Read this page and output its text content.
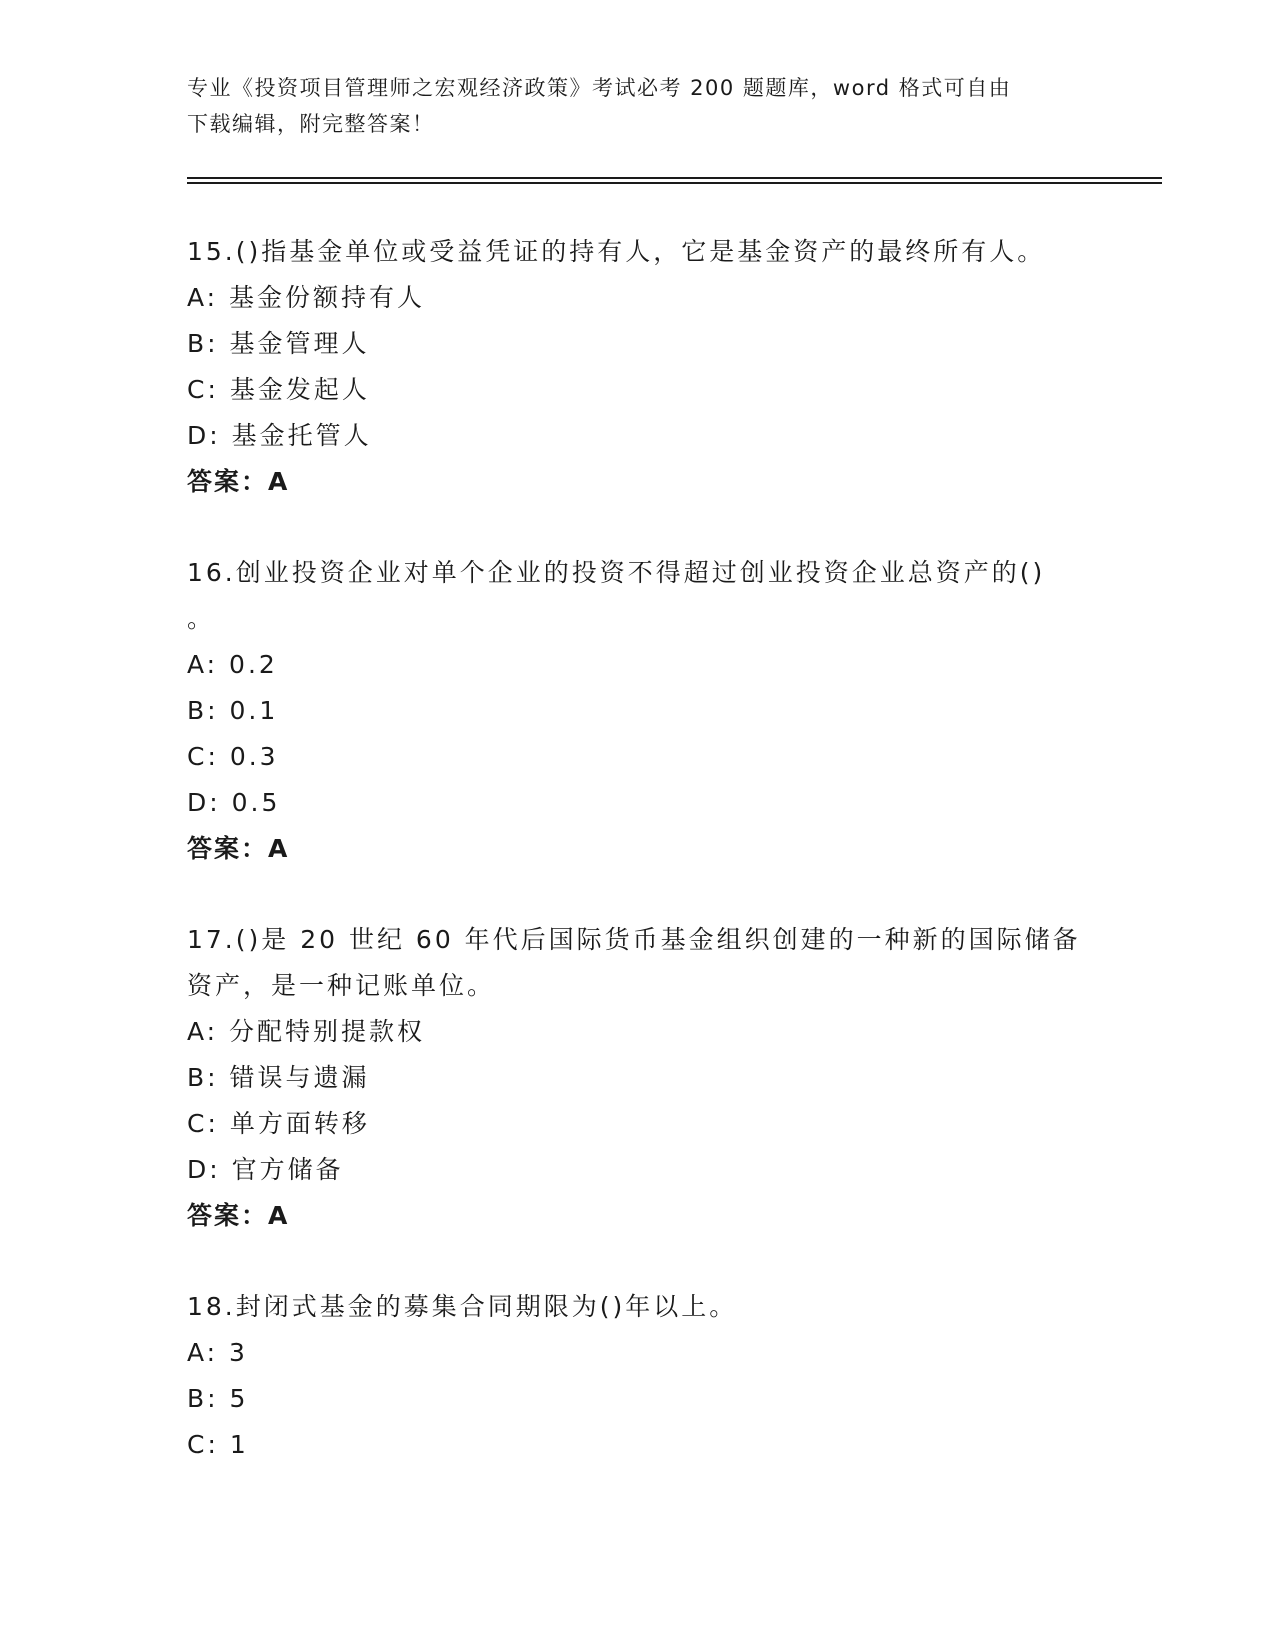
专业《投资项目管理师之宏观经济政策》考试必考 200 题题库，word 格式可自由
下载编辑，附完整答案！
15.()指基金单位或受益凭证的持有人，它是基金资产的最终所有人。
A: 基金份额持有人
B: 基金管理人
C: 基金发起人
D: 基金托管人
答案：A
16.创业投资企业对单个企业的投资不得超过创业投资企业总资产的()
。
A: 0.2
B: 0.1
C: 0.3
D: 0.5
答案：A
17.()是 20 世纪 60 年代后国际货币基金组织创建的一种新的国际储备
资产，是一种记账单位。
A: 分配特别提款权
B: 错误与遗漏
C: 单方面转移
D: 官方储备
答案：A
18.封闭式基金的募集合同期限为()年以上。
A: 3
B: 5
C: 1
